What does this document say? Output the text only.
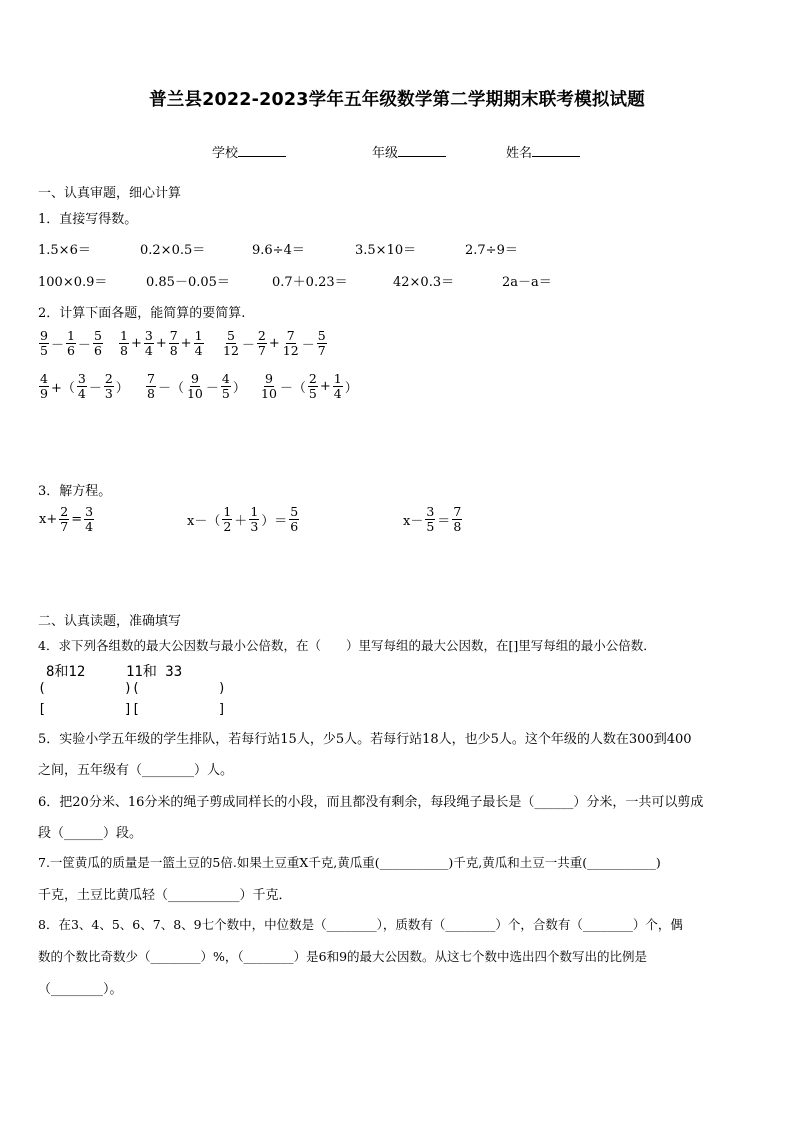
普兰县2022-2023学年五年级数学第二学期期末联考模拟试题
学校	年级	姓名
一、认真审题，细心计算
1．直接写得数。
1.5×6＝	0.2×0.5＝	9.6÷4＝	3.5×10＝	2.7÷9＝
100×0.9＝	0.85－0.05＝	0.7＋0.23＝	42×0.3＝	2a－a＝
2．计算下面各题，能简算的要简算.
$\frac{9}{5} - \frac{1}{6} - \frac{5}{6} \frac{1}{8} + \frac{3}{4} + \frac{7}{8} + \frac{1}{4} \frac{5}{12} - \frac{2}{7} + \frac{7}{12} - \frac{5}{7}$
$\frac{4}{9}$ +（ $\frac{3}{4} - \frac{2}{3}$ ） $\frac{7}{8}$ －（ $\frac{9}{10} - \frac{4}{5}$ ） $\frac{9}{10}$ －（ $\frac{2}{5} + \frac{1}{4}$ ）
3．解方程。
$x+ \frac{2}{7} = \frac{3}{4}$	$x-( \frac{1}{2} + \frac{1}{3}$ ）＝ $\frac{5}{6}$	$x- \frac{3}{5} = \frac{7}{8}$
二、认真读题，准确填写
4．求下列各组数的最大公因数与最小公倍数，在（　　）里写每组的最大公因数，在[]里写每组的最小公倍数．
8和12	11和 33
(          )(          )
[          ][          ]
5．实验小学五年级的学生排队，若每行站15人，少5人。若每行站18人，也少5人。这个年级的人数在300到400
之间，五年级有（________）人。
6．把20分米、16分米的绳子剪成同样长的小段，而且都没有剩余，每段绳子最长是（______）分米，一共可以剪成
段（______）段。
7.一筐黄瓜的质量是一篮土豆的5倍.如果土豆重X千克,黄瓜重(___________)千克,黄瓜和土豆一共重(___________)
千克，土豆比黄瓜轻（___________）千克．
8．在3、4、5、6、7、8、9七个数中，中位数是（________），质数有（________）个，合数有（________）个，偶
数的个数比奇数少（________）%，（________）是6和9的最大公因数。从这七个数中选出四个数写出的比例是
（________）。
